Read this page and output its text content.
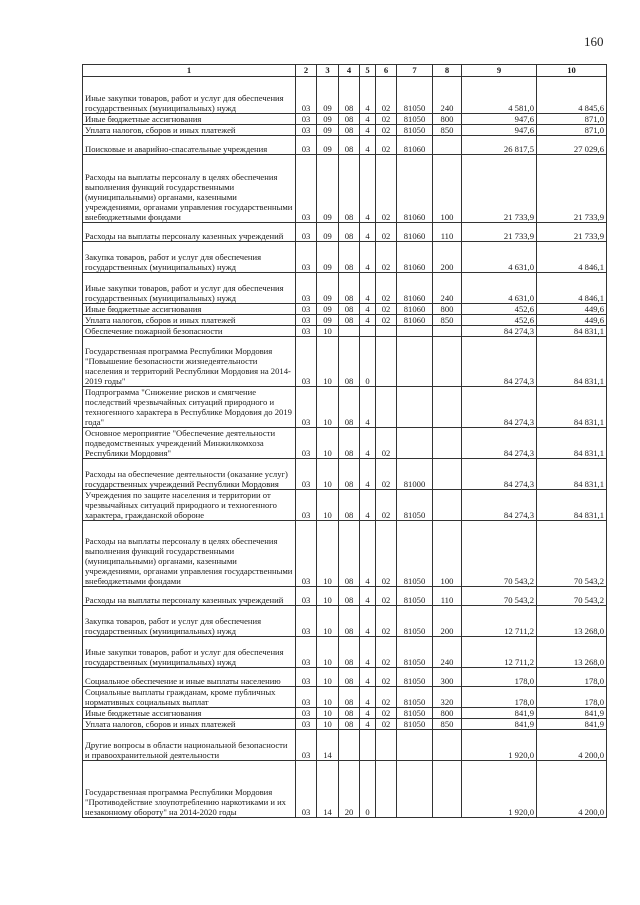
160
1	2	3	4	5	6	7	8	9	10
Иные закупки товаров, работ и услуг для обеспечения государственных (муниципальных) нужд	03	09	08	4	02	81050	240	4 581,0	4 845,6
Иные бюджетные ассигнования	03	09	08	4	02	81050	800	947,6	871,0
Уплата налогов, сборов и иных платежей	03	09	08	4	02	81050	850	947,6	871,0
Поисковые и аварийно-спасательные учреждения	03	09	08	4	02	81060		26 817,5	27 029,6
Расходы на выплаты персоналу в целях обеспечения выполнения функций государственными (муниципальными) органами, казенными учреждениями, органами управления государственными внебюджетными фондами	03	09	08	4	02	81060	100	21 733,9	21 733,9
Расходы на выплаты персоналу казенных учреждений	03	09	08	4	02	81060	110	21 733,9	21 733,9
Закупка товаров, работ и услуг для обеспечения государственных (муниципальных) нужд	03	09	08	4	02	81060	200	4 631,0	4 846,1
Иные закупки товаров, работ и услуг для обеспечения государственных (муниципальных) нужд	03	09	08	4	02	81060	240	4 631,0	4 846,1
Иные бюджетные ассигнования	03	09	08	4	02	81060	800	452,6	449,6
Уплата налогов, сборов и иных платежей	03	09	08	4	02	81060	850	452,6	449,6
Обеспечение пожарной безопасности	03	10						84 274,3	84 831,1
Государственная программа Республики Мордовия "Повышение безопасности жизнедеятельности населения и территорий Республики Мордовия на 2014-2019 годы"	03	10	08	0				84 274,3	84 831,1
Подпрограмма "Снижение рисков и смягчение последствий чрезвычайных ситуаций природного и техногенного характера в Республике Мордовия до 2019 года"	03	10	08	4				84 274,3	84 831,1
Основное мероприятие "Обеспечение деятельности подведомственных учреждений Минжилкомхоза Республики Мордовия"	03	10	08	4	02			84 274,3	84 831,1
Расходы на обеспечение деятельности (оказание услуг) государственных учреждений Республики Мордовия	03	10	08	4	02	81000		84 274,3	84 831,1
Учреждения по защите населения и территории от чрезвычайных ситуаций природного и техногенного характера, гражданской обороне	03	10	08	4	02	81050		84 274,3	84 831,1
Расходы на выплаты персоналу в целях обеспечения выполнения функций государственными (муниципальными) органами, казенными учреждениями, органами управления государственными внебюджетными фондами	03	10	08	4	02	81050	100	70 543,2	70 543,2
Расходы на выплаты персоналу казенных учреждений	03	10	08	4	02	81050	110	70 543,2	70 543,2
Закупка товаров, работ и услуг для обеспечения государственных (муниципальных) нужд	03	10	08	4	02	81050	200	12 711,2	13 268,0
Иные закупки товаров, работ и услуг для обеспечения государственных (муниципальных) нужд	03	10	08	4	02	81050	240	12 711,2	13 268,0
Социальное обеспечение и иные выплаты населению	03	10	08	4	02	81050	300	178,0	178,0
Социальные выплаты гражданам, кроме публичных нормативных социальных выплат	03	10	08	4	02	81050	320	178,0	178,0
Иные бюджетные ассигнования	03	10	08	4	02	81050	800	841,9	841,9
Уплата налогов, сборов и иных платежей	03	10	08	4	02	81050	850	841,9	841,9
Другие вопросы в области национальной безопасности и правоохранительной деятельности	03	14						1 920,0	4 200,0
Государственная программа Республики Мордовия "Противодействие злоупотреблению наркотиками и их незаконному обороту" на 2014-2020 годы	03	14	20	0				1 920,0	4 200,0
